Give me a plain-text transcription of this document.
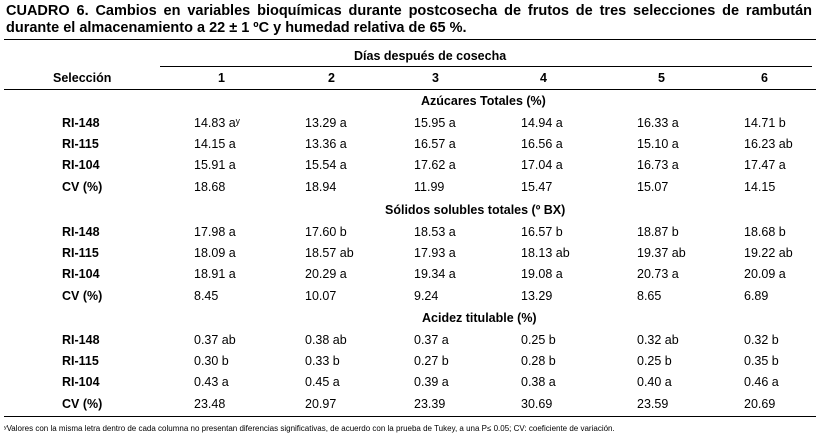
CUADRO 6. Cambios en variables bioquímicas durante postcosecha de frutos de tres selecciones de rambután durante el almacenamiento a 22 ± 1 ºC y humedad relativa de 65 %.
Días después de cosecha
Selección	1	2	3	4	5	6
Azúcares Totales (%)
RI-148	14.83 aʸ	13.29 a	15.95 a	14.94 a	16.33 a	14.71 b
RI-115	14.15 a	13.36 a	16.57 a	16.56 a	15.10 a	16.23 ab
RI-104	15.91 a	15.54 a	17.62 a	17.04 a	16.73 a	17.47 a
CV (%)	18.68	18.94	11.99	15.47	15.07	14.15
Sólidos solubles totales (º BX)
RI-148	17.98 a	17.60 b	18.53 a	16.57 b	18.87 b	18.68 b
RI-115	18.09 a	18.57 ab	17.93 a	18.13 ab	19.37 ab	19.22 ab
RI-104	18.91 a	20.29 a	19.34 a	19.08 a	20.73 a	20.09 a
CV (%)	8.45	10.07	9.24	13.29	8.65	6.89
Acidez titulable (%)
RI-148	0.37 ab	0.38 ab	0.37 a	0.25 b	0.32 ab	0.32 b
RI-115	0.30 b	0.33 b	0.27 b	0.28 b	0.25 b	0.35 b
RI-104	0.43 a	0.45 a	0.39 a	0.38 a	0.40 a	0.46 a
CV (%)	23.48	20.97	23.39	30.69	23.59	20.69
ʸValores con la misma letra dentro de cada columna no presentan diferencias significativas, de acuerdo con la prueba de Tukey, a una P≤ 0.05; CV: coeficiente de variación.
